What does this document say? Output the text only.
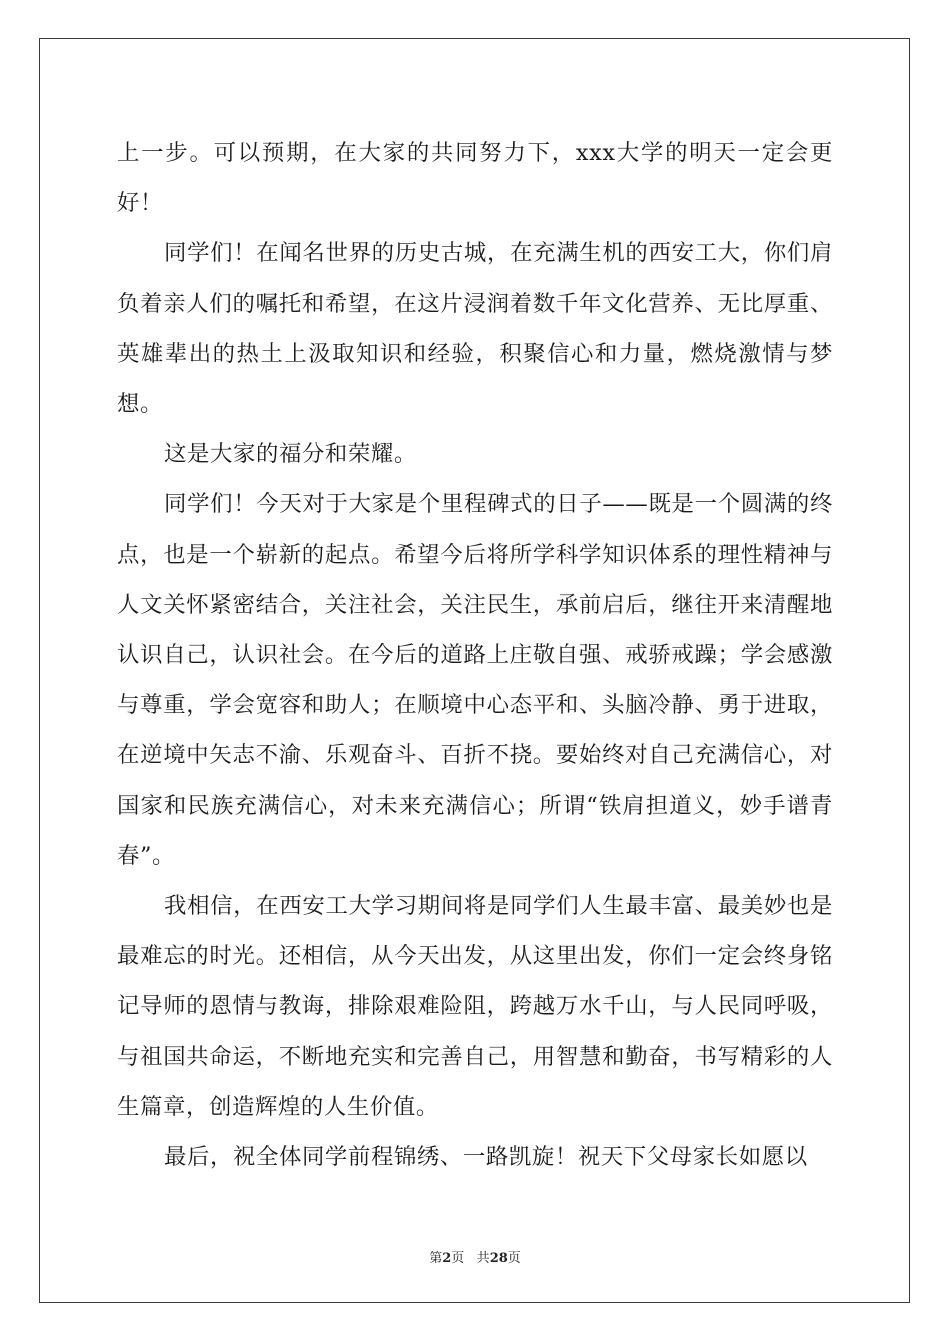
上一步。可以预期，在大家的共同努力下，xxx大学的明天一定会更好！

同学们！在闻名世界的历史古城，在充满生机的西安工大，你们肩负着亲人们的嘱托和希望，在这片浸润着数千年文化营养、无比厚重、英雄辈出的热土上汲取知识和经验，积聚信心和力量，燃烧激情与梦想。

这是大家的福分和荣耀。

同学们！今天对于大家是个里程碑式的日子——既是一个圆满的终点，也是一个崭新的起点。希望今后将所学科学知识体系的理性精神与人文关怀紧密结合，关注社会，关注民生，承前启后，继往开来清醒地认识自己，认识社会。在今后的道路上庄敬自强、戒骄戒躁；学会感激与尊重，学会宽容和助人；在顺境中心态平和、头脑冷静、勇于进取，在逆境中矢志不渝、乐观奋斗、百折不挠。要始终对自己充满信心，对国家和民族充满信心，对未来充满信心；所谓“铁肩担道义，妙手谱青春”。

我相信，在西安工大学习期间将是同学们人生最丰富、最美妙也是最难忘的时光。还相信，从今天出发，从这里出发，你们一定会终身铭记导师的恩情与教诲，排除艰难险阻，跨越万水千山，与人民同呼吸，与祖国共命运，不断地充实和完善自己，用智慧和勤奋，书写精彩的人生篇章，创造辉煌的人生价值。

最后，祝全体同学前程锦绣、一路凯旋！祝天下父母家长如愿以

第2页 共28页
